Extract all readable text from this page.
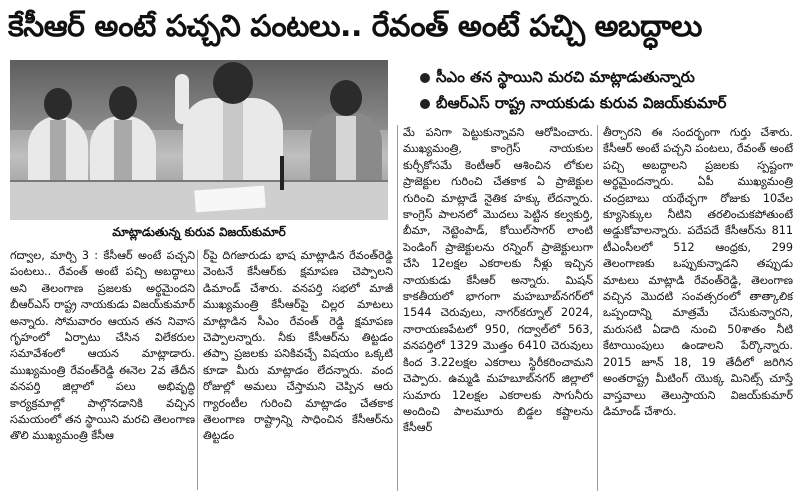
కేసీఆర్ అంటే పచ్చని పంటలు.. రేవంత్ అంటే పచ్చి అబద్ధాలు
మాట్లాడుతున్న కురువ విజయ్‌కుమార్
సీఎం తన స్థాయిని మరచి మాట్లాడుతున్నారు
బీఆర్ఎస్ రాష్ట్ర నాయకుడు కురువ విజయ్‌కుమార్

గద్వాల, మార్చి 3 : కేసీఆర్ అంటే పచ్చని పంటలు.. రేవంత్ అంటే పచ్చి అబద్ధాలు అని తెలంగాణ ప్రజలకు అర్థమైందని బీఆర్ఎస్ రాష్ట్ర నాయకుడు విజయ్‌కుమార్ అన్నారు. సోమవారం ఆయన తన నివాస గృహంలో ఏర్పాటు చేసిన విలేకరుల సమావేశంలో ఆయన మాట్లాడారు. ముఖ్యమంత్రి రేవంత్‌రెడ్డి ఈనెల 2వ తేదీన వనపర్తి జిల్లాలో పలు అభివృద్ధి కార్యక్రమాల్లో పాల్గొనడానికి వచ్చిన సమయంలో తన స్థాయిని మరచి తెలంగాణ తొలి ముఖ్యమంత్రి కేసీఆ

ర్‌పై దిగజారుడు భాష మాట్లాడిన రేవంత్‌రెడ్డి వెంటనే కేసీఆర్‌కు క్షమాపణ చెప్పాలని డిమాండ్ చేశారు. వనపర్తి సభలో మాజీ ముఖ్యమంత్రి కేసీఆర్‌పై చిల్లర మాటలు మాట్లాడిన సీఎం రేవంత్ రెడ్డి క్షమాపణ చెప్పాలన్నారు. నీకు కేసీఆర్‌ను తిట్టడం తప్పా ప్రజలకు పనికివచ్చే విషయం ఒక్కటి కూడా మీరు మాట్లాడం లేదన్నారు. వంద రోజుల్లో అమలు చేస్తామని చెప్పిన ఆరు గ్యారంటీల గురించి మాట్లాడం చేతకాక తెలంగాణ రాష్ట్రాన్ని సాధించిన కేసీఆర్‌ను తిట్టడం

మే పనిగా పెట్టుకున్నావని ఆరోపించారు. ముఖ్యమంత్రి, కాంగ్రెస్ నాయకుల కుర్చీకోసమే కెంటీఆర్ ఆశించిన లోకుల ప్రాజెక్టుల గురించి చేతకాక ఏ ప్రాజెక్టుల గురించి మాట్లాడే నైతిక హక్కు లేదన్నారు. కాంగ్రెస్ పాలనలో మొదలు పెట్టిన కల్వకుర్తి, బీమా, నెట్టెంపాడ్, కోయిల్‌సాగర్ లాంటి పెండింగ్ ప్రాజెక్టులను రన్నింగ్ ప్రాజెక్టులుగా చేసి 12లక్షల ఎకరాలకు నీళ్లు ఇచ్చిన నాయకుడు కేసీఆర్ అన్నారు. మిషన్ కాకతీయలో భాగంగా మహబూబ్‌నగర్‌లో 1544 చెరువులు, నాగర్‌కర్నూల్ 2024, నారాయణపేటలో 950, గద్వాల్‌లో 563, వనపర్తిలో 1329 మొత్తం 6410 చెరువులు కింద 3.22లక్షల ఎకరాలు స్థిరీకరించామని చెప్పారు. ఉమ్మడి మహబూబ్‌నగర్ జిల్లాలో సుమారు 12లక్షల ఎకరాలకు సాగునీరు అందించి పాలమూరు బిడ్డల కష్టాలను కేసీఆర్

తీర్చారని ఈ సందర్భంగా గుర్తు చేశారు. కేసీఆర్ అంటే పచ్చని పంటలు, రేవంత్ అంటే పచ్చి అబద్ధాలని ప్రజలకు స్పష్టంగా అర్థమైందన్నారు. ఏపీ ముఖ్యమంత్రి చంద్రబాబు యథేచ్ఛగా రోజుకు 10వేల క్యూసెక్కుల నీటిని తరలించుకపోతుంటే అడ్డుకోవాలన్నారు. పదేపదే కేసీఆర్‌ను 811 టీఎంసీలలో 512 ఆంధ్రకు, 299 తెలంగాణకు ఒప్పుకున్నాడని తప్పుడు మాటలు మాట్లాడి రేవంత్‌రెడ్డి, తెలంగాణ వచ్చిన మొదటి సంవత్సరంలో తాత్కాలిక ఒప్పందాన్ని మాత్రమే చేసుకున్నారని, మరుసటి ఏడాది నుంచి 50శాతం నీటి కేటాయింపులు ఉండాలని పేర్కొన్నారు. 2015 జూన్ 18, 19 తేదీలో జరిగిన అంతరాష్ట్ర మీటింగ్ యొక్క మినిట్స్ చూస్తే వాస్తవాలు తెలుస్తాయని విజయ్‌కుమార్ డిమాండ్ చేశారు.
